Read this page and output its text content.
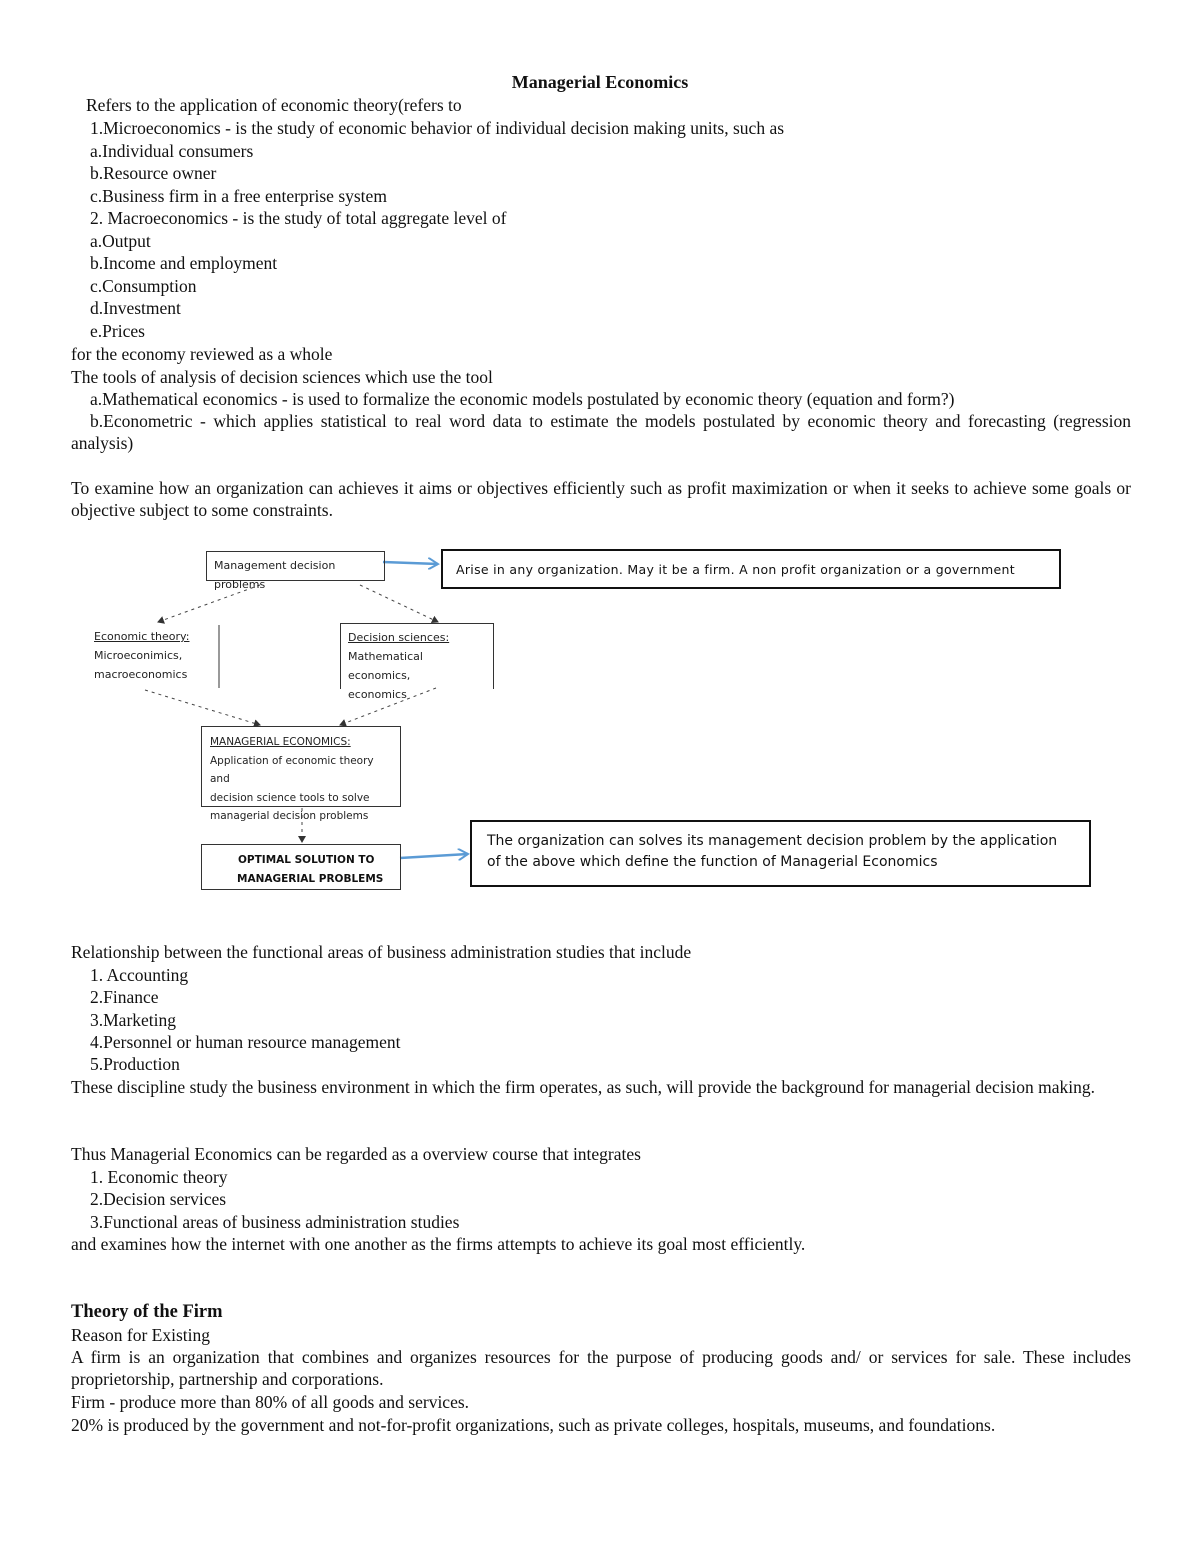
Managerial Economics
Refers to the application of economic theory(refers to
1.Microeconomics - is the study of economic behavior of individual decision making units, such as
a.Individual consumers
b.Resource owner
c.Business firm in a free enterprise system
2. Macroeconomics - is the study of total aggregate level of
a.Output
b.Income and employment
c.Consumption
d.Investment
e.Prices
for the economy reviewed as a whole
The tools of analysis of decision sciences which use the tool
a.Mathematical economics - is used to formalize the economic models postulated by economic theory (equation and form?)
b.Econometric - which applies statistical to real word data to estimate the models postulated by economic theory and forecasting (regression analysis)
To examine how an organization can achieves it aims or objectives efficiently such as profit maximization or when it seeks to achieve some goals or objective subject to some constraints.
Management decision problems
Arise in any organization. May it be a firm. A non profit organization or a government
Economic theory:
Microeconimics,
macroeconomics
Decision sciences:
Mathematical economics,
economics
MANAGERIAL ECONOMICS:
Application of economic theory and
decision science tools to solve
managerial decision problems
OPTIMAL SOLUTION TO
MANAGERIAL PROBLEMS
The organization can solves its management decision problem by the application
of the above which define the function of Managerial Economics
Relationship between the functional areas of business administration studies that include
1. Accounting
2.Finance
3.Marketing
4.Personnel or human resource management
5.Production
These discipline study the business environment in which the firm operates, as such, will provide the background for managerial decision making.
Thus Managerial Economics can be regarded as a overview course that integrates
1. Economic theory
2.Decision services
3.Functional areas of business administration studies
and examines how the internet with one another as the firms attempts to achieve its goal most efficiently.
Theory of the Firm
Reason for Existing
A firm is an organization that combines and organizes resources for the purpose of producing goods and/ or services for sale. These includes proprietorship, partnership and corporations.
Firm - produce more than 80% of all goods and services.
20% is produced by the government and not-for-profit organizations, such as private colleges, hospitals, museums, and foundations.
